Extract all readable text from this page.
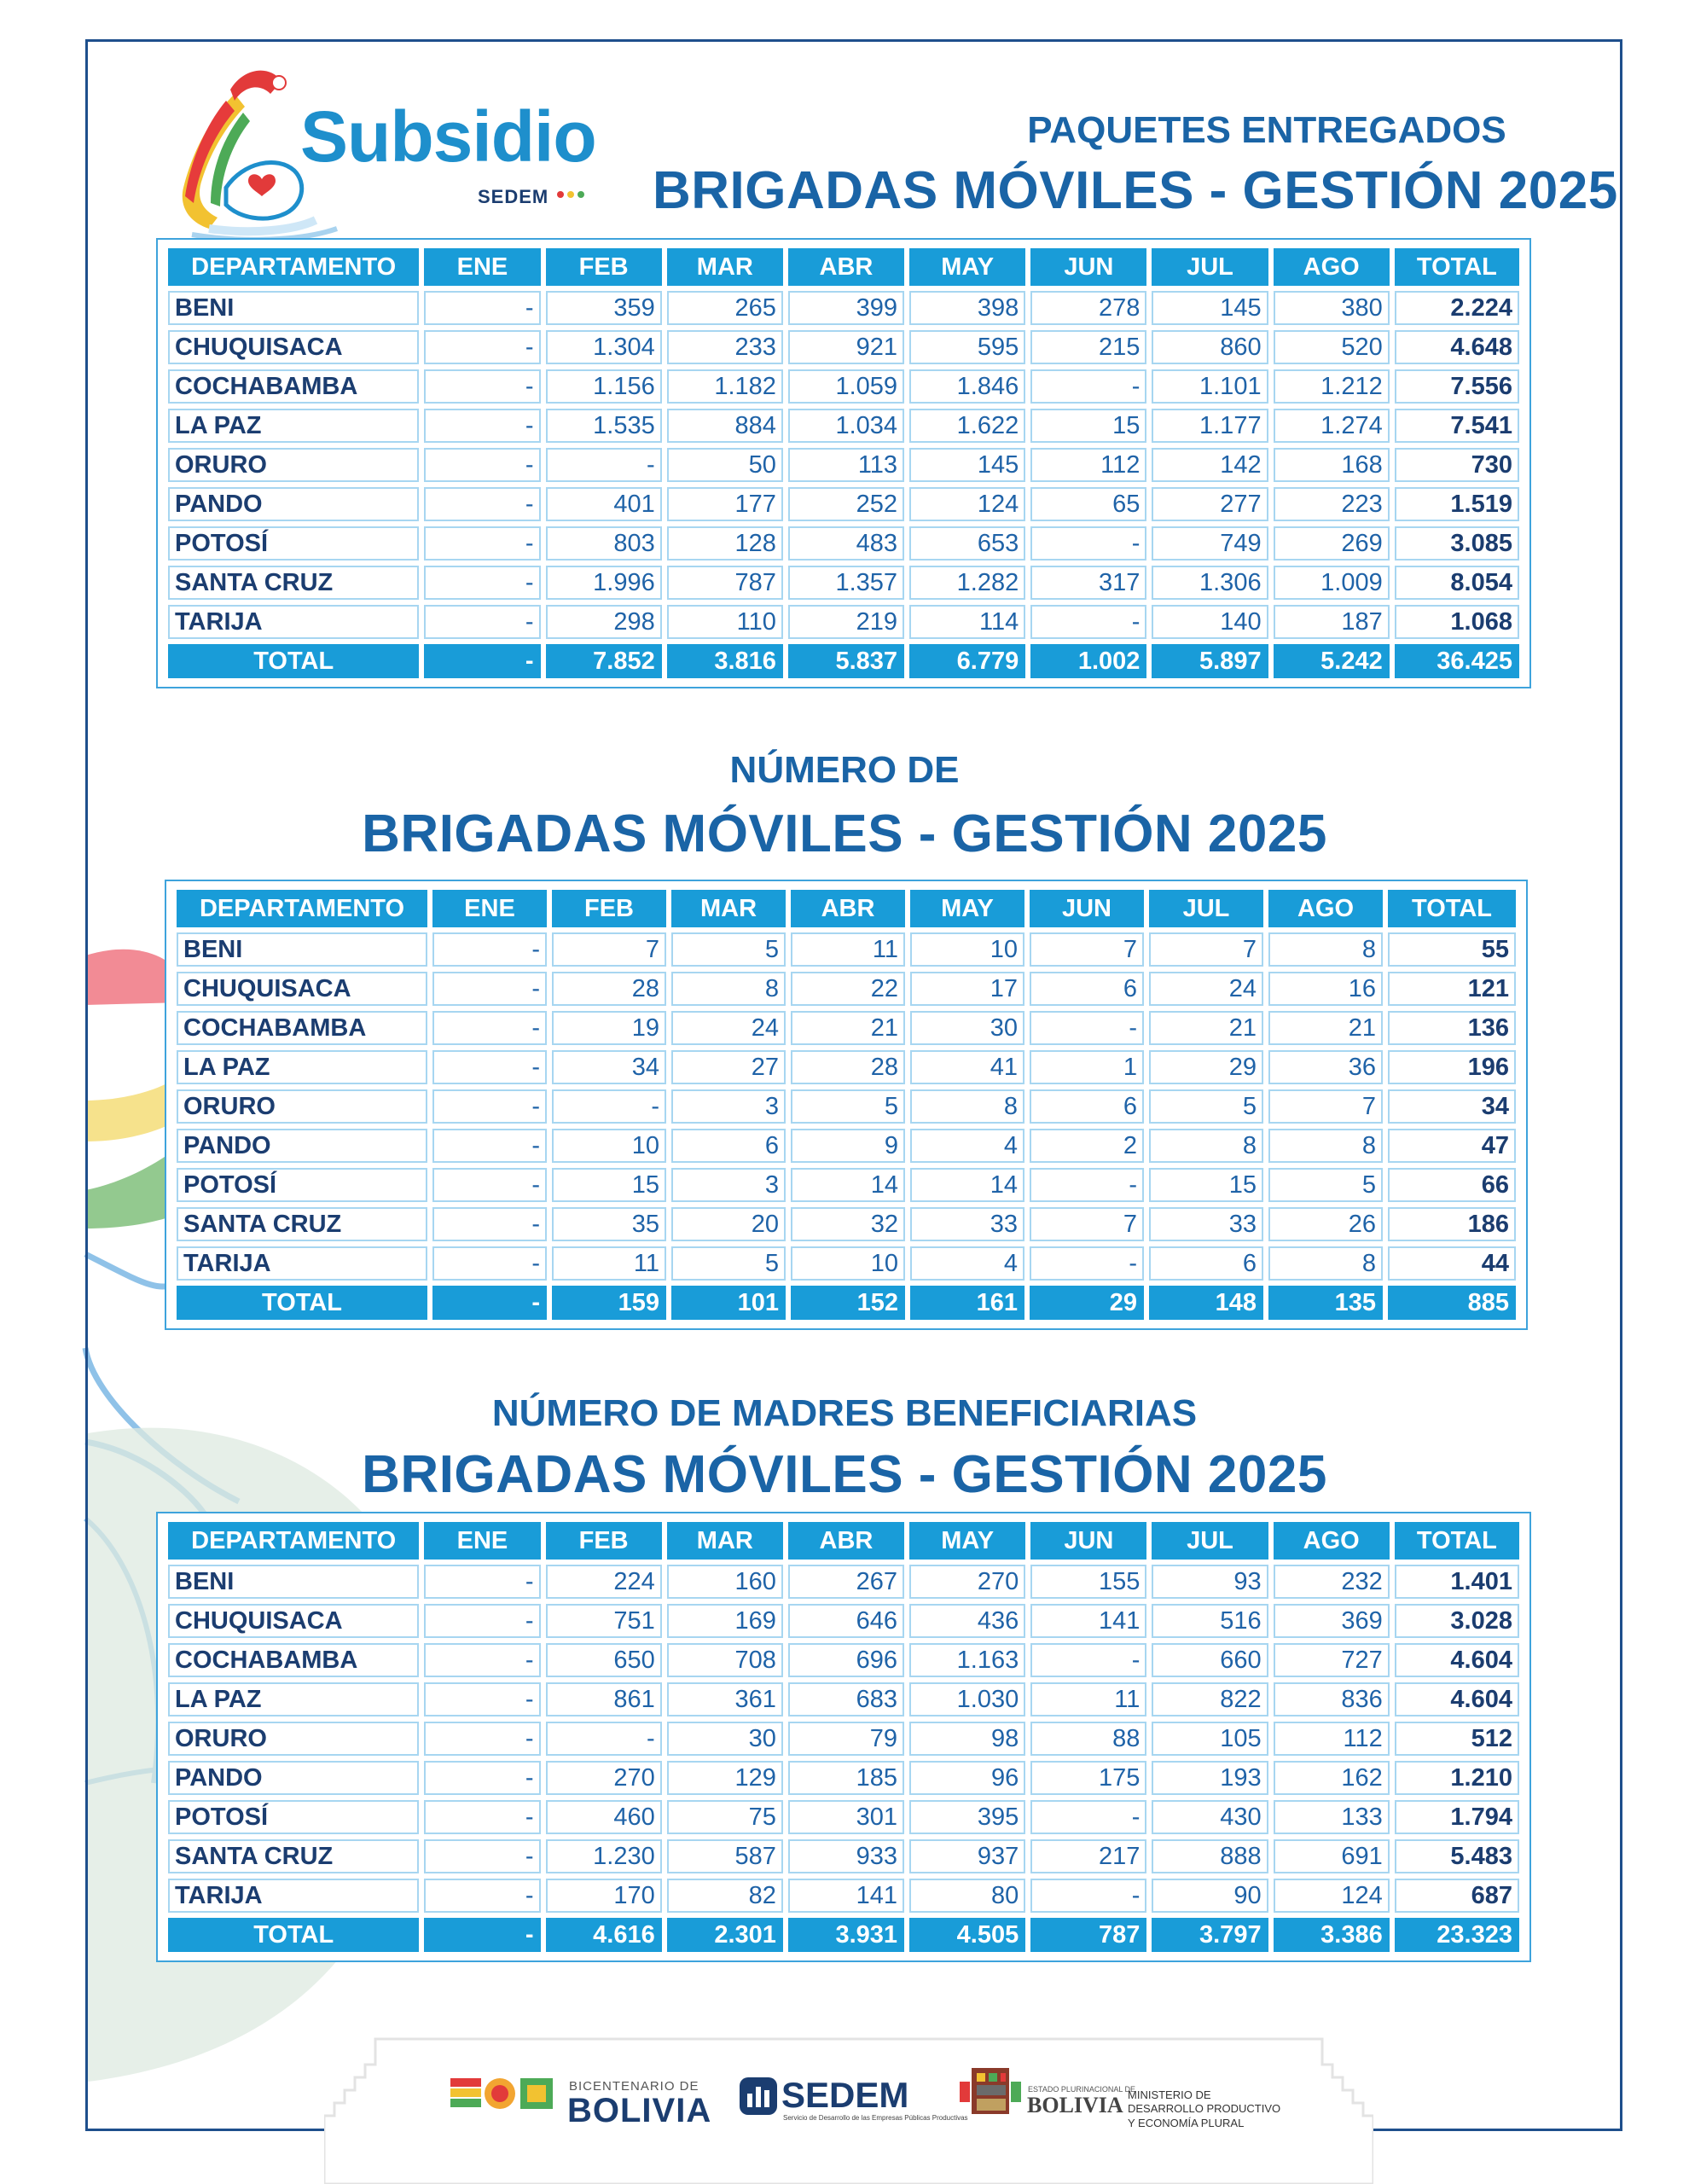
Subsidio
SEDEM
PAQUETES ENTREGADOS
BRIGADAS MÓVILES - GESTIÓN 2025
DEPARTAMENTO	ENE	FEB	MAR	ABR	MAY	JUN	JUL	AGO	TOTAL
BENI	-	359	265	399	398	278	145	380	2.224
CHUQUISACA	-	1.304	233	921	595	215	860	520	4.648
COCHABAMBA	-	1.156	1.182	1.059	1.846	-	1.101	1.212	7.556
LA PAZ	-	1.535	884	1.034	1.622	15	1.177	1.274	7.541
ORURO	-	-	50	113	145	112	142	168	730
PANDO	-	401	177	252	124	65	277	223	1.519
POTOSÍ	-	803	128	483	653	-	749	269	3.085
SANTA CRUZ	-	1.996	787	1.357	1.282	317	1.306	1.009	8.054
TARIJA	-	298	110	219	114	-	140	187	1.068
TOTAL	-	7.852	3.816	5.837	6.779	1.002	5.897	5.242	36.425
NÚMERO DE
BRIGADAS MÓVILES - GESTIÓN 2025
DEPARTAMENTO	ENE	FEB	MAR	ABR	MAY	JUN	JUL	AGO	TOTAL
BENI	-	7	5	11	10	7	7	8	55
CHUQUISACA	-	28	8	22	17	6	24	16	121
COCHABAMBA	-	19	24	21	30	-	21	21	136
LA PAZ	-	34	27	28	41	1	29	36	196
ORURO	-	-	3	5	8	6	5	7	34
PANDO	-	10	6	9	4	2	8	8	47
POTOSÍ	-	15	3	14	14	-	15	5	66
SANTA CRUZ	-	35	20	32	33	7	33	26	186
TARIJA	-	11	5	10	4	-	6	8	44
TOTAL	-	159	101	152	161	29	148	135	885
NÚMERO DE MADRES BENEFICIARIAS
BRIGADAS MÓVILES - GESTIÓN 2025
DEPARTAMENTO	ENE	FEB	MAR	ABR	MAY	JUN	JUL	AGO	TOTAL
BENI	-	224	160	267	270	155	93	232	1.401
CHUQUISACA	-	751	169	646	436	141	516	369	3.028
COCHABAMBA	-	650	708	696	1.163	-	660	727	4.604
LA PAZ	-	861	361	683	1.030	11	822	836	4.604
ORURO	-	-	30	79	98	88	105	112	512
PANDO	-	270	129	185	96	175	193	162	1.210
POTOSÍ	-	460	75	301	395	-	430	133	1.794
SANTA CRUZ	-	1.230	587	933	937	217	888	691	5.483
TARIJA	-	170	82	141	80	-	90	124	687
TOTAL	-	4.616	2.301	3.931	4.505	787	3.797	3.386	23.323
BICENTENARIO DE
BOLIVIA SEDEM
Servicio de Desarrollo de las Empresas Públicas Productivas
ESTADO PLURINACIONAL DE
BOLIVIA MINISTERIO DE DESARROLLO PRODUCTIVO Y ECONOMÍA PLURAL
